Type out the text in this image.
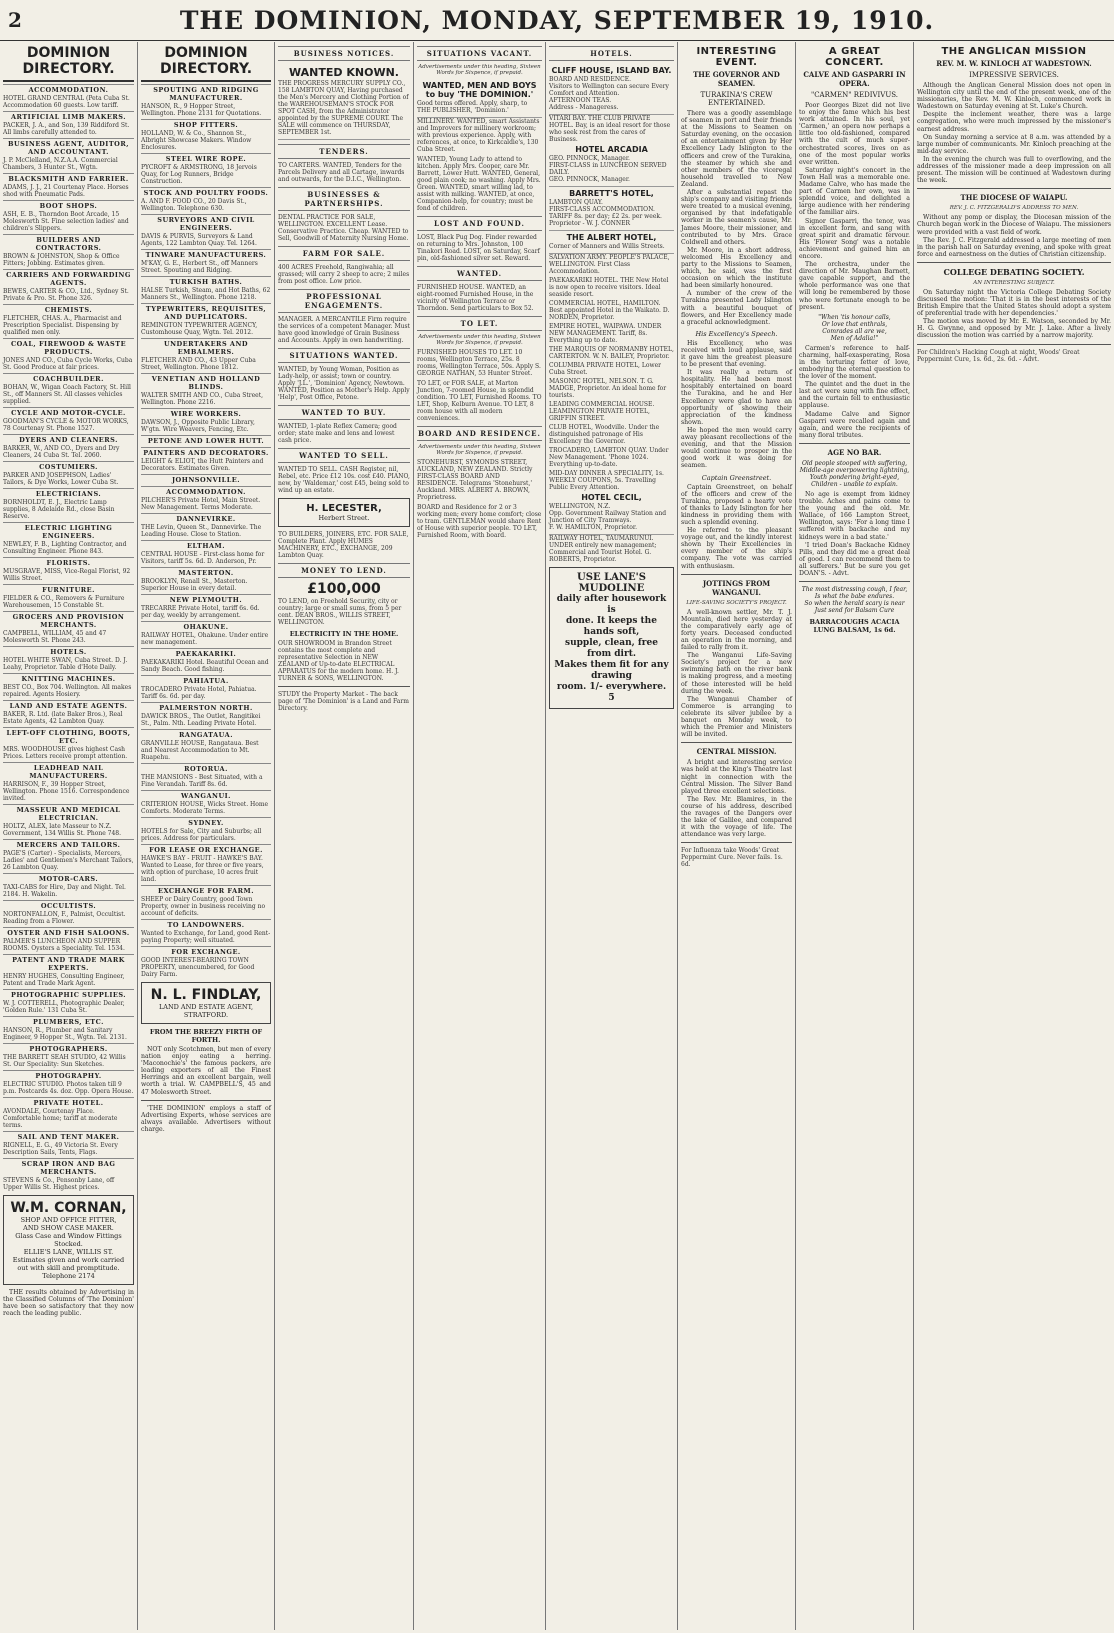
2	THE DOMINION, MONDAY, SEPTEMBER 19, 1910.
DOMINION DIRECTORY.
ACCOMMODATION.
HOTEL GRAND CENTRAL (Peta Cuba St. Accommodation 60 guests. Low tariff.
ARTIFICIAL LIMB MAKERS.
PACKER, J. A., and Son, 139 Riddiford St. All limbs carefully attended to.
BUSINESS AGENT, AUDITOR, AND ACCOUNTANT.
J. P. McClelland, N.Z.A.A. Commercial Chambers, 3 Hunter St., Wgtn.
BLACKSMITH AND FARRIER.
ADAMS, J. J., 21 Courtenay Place. Horses shod with Pneumatic Pads.
BOOT SHOPS.
ASH, E. B., Thorndon Boot Arcade, 15 Molesworth St. Fine selection ladies' and children's Slippers.
BUILDERS AND CONTRACTORS.
BROWN & JOHNSTON, Shop & Office Fitters; Jobbing. Estimates given.
CARRIERS AND FORWARDING AGENTS.
BEWES, CARTER & CO., Ltd., Sydney St. Private & Pro. St. Phone 326.
CHEMISTS.
FLETCHER, CHAS. A., Pharmacist and Prescription Specialist. Dispensing by qualified men only.
COAL, FIREWOOD & WASTE PRODUCTS.
JONES AND CO., Cuba Cycle Works, Cuba St. Good Produce at fair prices.
COACHBUILDER.
BOHAN, W., Wigan Coach Factory, St. Hill St., off Manners St. All classes vehicles supplied.
CYCLE AND MOTOR-CYCLE.
GOODMAN'S CYCLE & MOTOR WORKS, 78 Courtenay St. Phone 1527.
DYERS AND CLEANERS.
BARKER, W., AND CO., Dyers and Dry Cleaners, 24 Cuba St. Tel. 2060.
COSTUMIERS.
PARKER AND JOSEPHSON, Ladies' Tailors, & Dye Works, Lower Cuba St.
ELECTRICIANS.
BORNHOLDT, E. J., Electric Lamp supplies, 8 Adelaide Rd., close Basin Reserve.
ELECTRIC LIGHTING ENGINEERS.
NEWLEY, F. B., Lighting Contractor, and Consulting Engineer. Phone 843.
FLORISTS.
MUSGRAVE, MISS, Vice-Regal Florist, 92 Willis Street.
FURNITURE.
FIELDER & CO., Removers & Furniture Warehousemen, 15 Constable St.
GROCERS AND PROVISION MERCHANTS.
CAMPBELL, WILLIAM, 45 and 47 Molesworth St. Phone 243.
HOTELS.
HOTEL WHITE SWAN, Cuba Street. D. J. Leahy, Proprietor. Table d'Hote Daily.
KNITTING MACHINES.
BEST CO., Box 704. Wellington. All makes repaired. Agents Hosiery.
LAND AND ESTATE AGENTS.
BAKER, R. Ltd. (late Baker Bros.), Real Estate Agents, 42 Lambton Quay.
LEFT-OFF CLOTHING, BOOTS, ETC.
MRS. WOODHOUSE gives highest Cash Prices. Letters receive prompt attention.
LEADHEAD NAIL MANUFACTURERS.
HARRISON, F., 39 Hopper Street, Wellington. Phone 1516. Correspondence invited.
MASSEUR AND MEDICAL ELECTRICIAN.
HOLTZ, ALEX, late Masseur to N.Z. Government, 134 Willis St. Phone 748.
MERCERS AND TAILORS.
PAGE'S (Carter) - Specialists, Mercers, Ladies' and Gentlemen's Merchant Tailors, 26 Lambton Quay.
MOTOR-CARS.
TAXI-CABS for Hire, Day and Night. Tel. 2184. H. Wakelin.
OCCULTISTS.
NORTONFALLON, F., Palmist, Occultist. Reading from a Flower.
OYSTER AND FISH SALOONS.
PALMER'S LUNCHEON AND SUPPER ROOMS. Oysters a Speciality. Tel. 1534.
PATENT AND TRADE MARK EXPERTS.
HENRY HUGHES, Consulting Engineer, Patent and Trade Mark Agent.
PHOTOGRAPHIC SUPPLIES.
W. J. COTTERELL, Photographic Dealer, 'Golden Rule.' 131 Cuba St.
PLUMBERS, ETC.
HANSON, R., Plumber and Sanitary Engineer, 9 Hopper St., Wgtn. Tel. 2131.
PHOTOGRAPHERS.
THE BARRETT SEAH STUDIO, 42 Willis St. Our Speciality: Sun Sketches.
PHOTOGRAPHY.
ELECTRIC STUDIO. Photos taken till 9 p.m. Postcards 4s. doz. Opp. Opera House.
PRIVATE HOTEL.
AVONDALE, Courtenay Place. Comfortable home; tariff at moderate terms.
SAIL AND TENT MAKER.
RIGNELL, E. G., 49 Victoria St. Every Description Sails, Tents, Flags.
SCRAP IRON AND BAG MERCHANTS.
STEVENS & Co., Pensonby Lane, off Upper Willis St. Highest prices.
W.M. CORNAN,
SHOP AND OFFICE FITTER,
AND SHOW CASE MAKER.
Glass Case and Window Fittings Stocked.
ELLIE'S LANE, WILLIS ST.
Estimates given and work carried out with skill and promptitude.
Telephone 2174
THE results obtained by Advertising in the Classified Columns of 'The Dominion' have been so satisfactory that they now reach the leading public.
DOMINION DIRECTORY.
SPOUTING AND RIDGING MANUFACTURER.
HANSON, R., 9 Hopper Street, Wellington. Phone 2131 for Quotations.
SHOP FITTERS.
HOLLAND, W. & Co., Shannon St., Albright Showcase Makers. Window Enclosures.
STEEL WIRE ROPE.
PYCROFT & ARMSTRONG, 18 Jervois Quay, for Log Runners, Bridge Construction.
STOCK AND POULTRY FOODS.
A. AND F. FOOD CO., 20 Davis St., Wellington. Telephone 630.
SURVEYORS AND CIVIL ENGINEERS.
DAVIS & PURVIS, Surveyors & Land Agents, 122 Lambton Quay. Tel. 1264.
TINWARE MANUFACTURERS.
M'KAY, G. E., Herbert St., off Manners Street. Spouting and Ridging.
TURKISH BATHS.
HALSE Turkish, Steam, and Hot Baths, 62 Manners St., Wellington. Phone 1218.
TYPEWRITERS, REQUISITES, AND DUPLICATORS.
REMINGTON TYPEWRITER AGENCY, Customhouse Quay, Wgtn. Tel. 2012.
UNDERTAKERS AND EMBALMERS.
FLETCHER AND CO., 43 Upper Cuba Street, Wellington. Phone 1812.
VENETIAN AND HOLLAND BLINDS.
WALTER SMITH AND CO., Cuba Street, Wellington. Phone 2216.
WIRE WORKERS.
DAWSON, J., Opposite Public Library, W'gtn. Wire Weavers, Fencing, Etc.
PETONE AND LOWER HUTT.
PAINTERS AND DECORATORS.
LEIGHT & ELIOT, the Hutt Painters and Decorators. Estimates Given.
JOHNSONVILLE.
ACCOMMODATION.
PILCHER'S Private Hotel, Main Street. New Management. Terms Moderate.
DANNEVIRKE.
THE Levin, Queen St., Dannevirke. The Leading House. Close to Station.
ELTHAM.
CENTRAL HOUSE - First-class home for Visitors, tariff 5s. 6d. D. Anderson, Pr.
MASTERTON.
BROOKLYN, Renall St., Masterton. Superior House in every detail.
NEW PLYMOUTH.
TRECARRE Private Hotel, tariff 6s. 6d. per day, weekly by arrangement.
OHAKUNE.
RAILWAY HOTEL, Ohakune. Under entire new management.
PAEKAKARIKI.
PAEKAKARIKI Hotel. Beautiful Ocean and Sandy Beach. Good fishing.
PAHIATUA.
TROCADERO Private Hotel, Pahiatua. Tariff 6s. 6d. per day.
PALMERSTON NORTH.
DAWICK BROS., The Outlet, Rangitikei St., Palm. Nth. Leading Private Hotel.
RANGATAUA.
GRANVILLE HOUSE, Rangataua. Best and Nearest Accommodation to Mt. Ruapehu.
ROTORUA.
THE MANSIONS - Best Situated, with a Fine Verandah. Tariff 8s. 6d.
WANGANUI.
CRITERION HOUSE, Wicks Street. Home Comforts. Moderate Terms.
SYDNEY.
HOTELS for Sale, City and Suburbs; all prices. Address for particulars.
FOR LEASE OR EXCHANGE.
HAWKE'S BAY - FRUIT - HAWKE'S BAY. Wanted to Lease, for three or five years, with option of purchase, 10 acres fruit land.
EXCHANGE FOR FARM.
SHEEP or Dairy Country, good Town Property, owner in business receiving no account of deficits.
TO LANDOWNERS.
Wanted to Exchange, for Land, good Rent-paying Property; well situated.
FOR EXCHANGE.
GOOD INTEREST-BEARING TOWN PROPERTY, unencumbered, for Good Dairy Farm.
N. L. FINDLAY,
LAND AND ESTATE AGENT,
STRATFORD.
FROM THE BREEZY FIRTH OF FORTH.
NOT only Scotchmen, but men of every nation enjoy eating a herring. 'Maconochie's' the famous packers, are leading exporters of all the Finest Herrings and an excellent bargain, well worth a trial. W. CAMPBELL'S, 45 and 47 Molesworth Street.
'THE DOMINION' employs a staff of Advertising Experts, whose services are always available. Advertisers without charge.
BUSINESS NOTICES.
WANTED KNOWN.
THE PROGRESS MERCURY SUPPLY CO., 158 LAMBTON QUAY, Having purchased the Men's Mercery and Clothing Portion of the WAREHOUSEMAN'S STOCK FOR SPOT CASH, from the Administrator appointed by the SUPREME COURT. The SALE will commence on THURSDAY, SEPTEMBER 1st.
TENDERS.
TO CARTERS. WANTED, Tenders for the Parcels Delivery and all Cartage, inwards and outwards, for the D.I.C., Wellington.
BUSINESSES & PARTNERSHIPS.
DENTAL PRACTICE FOR SALE, WELLINGTON. EXCELLENT Lease. Conservative Practice. Cheap. WANTED to Sell, Goodwill of Maternity Nursing Home.
FARM FOR SALE.
400 ACRES Freehold, Rangiwahia; all grassed; will carry 2 sheep to acre; 2 miles from post office. Low price.
PROFESSIONAL ENGAGEMENTS.
MANAGER. A MERCANTILE Firm require the services of a competent Manager. Must have good knowledge of Grain Business and Accounts. Apply in own handwriting.
SITUATIONS WANTED.
WANTED, by Young Woman, Position as Lady-help, or assist; town or country. Apply 'J.L.', 'Dominion' Agency, Newtown. WANTED, Position as Mother's Help. Apply 'Help', Post Office, Petone.
WANTED TO BUY.
WANTED, 1-plate Reflex Camera; good order; state make and lens and lowest cash price.
WANTED TO SELL.
WANTED TO SELL. CASH Register, nil, Rebel, etc. Price £12 10s. cost £40. PIANO, new, by 'Waldemar,' cost £45, being sold to wind up an estate.
H. LECESTER,
Herbert Street.
TO BUILDERS, JOINERS, ETC. FOR SALE, Complete Plant. Apply HUMES MACHINERY, ETC., EXCHANGE, 209 Lambton Quay.
MONEY TO LEND.
£100,000
TO LEND, on Freehold Security, city or country; large or small sums, from 5 per cent. DEAN BROS., WILLIS STREET, WELLINGTON.
ELECTRICITY IN THE HOME.
OUR SHOWROOM in Brandon Street contains the most complete and representative Selection in NEW ZEALAND of Up-to-date ELECTRICAL APPARATUS for the modern home. H. J. TURNER & SONS, WELLINGTON.
STUDY the Property Market - The back page of 'The Dominion' is a Land and Farm Directory.
SITUATIONS VACANT.
Advertisements under this heading, Sixteen Words for Sixpence, if prepaid.
WANTED, MEN AND BOYS to buy 'THE DOMINION.'
Good terms offered. Apply, sharp, to THE PUBLISHER, 'Dominion.'
MILLINERY. WANTED, smart Assistants and Improvers for millinery workroom; with previous experience. Apply, with references, at once, to Kirkcaldie's, 130 Cuba Street.
WANTED, Young Lady to attend to kitchen. Apply Mrs. Cooper, care Mr. Barrett, Lower Hutt. WANTED, General, good plain cook; no washing. Apply Mrs. Green. WANTED, smart willing lad, to assist with milking. WANTED, at once, Companion-help, for country; must be fond of children.
LOST AND FOUND.
LOST, Black Pug Dog. Finder rewarded on returning to Mrs. Johnston, 100 Tinakori Road. LOST, on Saturday, Scarf pin, old-fashioned silver set. Reward.
WANTED.
FURNISHED HOUSE. WANTED, an eight-roomed Furnished House, in the vicinity of Wellington Terrace or Thorndon. Send particulars to Box 52.
TO LET.
Advertisements under this heading, Sixteen Words for Sixpence, if prepaid.
FURNISHED HOUSES TO LET. 10 rooms, Wellington Terrace, 25s. 8 rooms, Wellington Terrace, 50s. Apply S. GEORGE NATHAN, 53 Hunter Street.
TO LET, or FOR SALE, at Marton Junction, 7-roomed House, in splendid condition. TO LET, Furnished Rooms. TO LET, Shop, Kelburn Avenue. TO LET, 8 room house with all modern conveniences.
BOARD AND RESIDENCE.
Advertisements under this heading, Sixteen Words for Sixpence, if prepaid.
STONEHURST, SYMONDS STREET, AUCKLAND, NEW ZEALAND. Strictly FIRST-CLASS BOARD AND RESIDENCE. Telegrams 'Stonehurst,' Auckland. MRS. ALBERT A. BROWN, Proprietress.
BOARD and Residence for 2 or 3 working men; every home comfort; close to tram. GENTLEMAN would share Rent of House with superior people. TO LET, Furnished Room, with board.
HOTELS.
CLIFF HOUSE, ISLAND BAY.
BOARD AND RESIDENCE.
Visitors to Wellington can secure Every Comfort and Attention.
AFTERNOON TEAS.
Address - Manageress.
VITARI BAY. THE CLUB PRIVATE HOTEL. Bay, is an ideal resort for those who seek rest from the cares of Business.
HOTEL ARCADIA
GEO. PINNOCK, Manager.
FIRST-CLASS in LUNCHEON SERVED DAILY.
GEO. PINNOCK, Manager.
BARRETT'S HOTEL,
LAMBTON QUAY.
FIRST-CLASS ACCOMMODATION.
TARIFF 8s. per day; £2 2s. per week.
Proprietor - W. J. CONNER
THE ALBERT HOTEL,
Corner of Manners and Willis Streets.
SALVATION ARMY. PEOPLE'S PALACE, WELLINGTON. First Class Accommodation.
PAEKAKARIKI HOTEL. THE New Hotel is now open to receive visitors. Ideal seaside resort.
COMMERCIAL HOTEL, HAMILTON. Best appointed Hotel in the Waikato. D. NORDEN, Proprietor.
EMPIRE HOTEL, WAIPAWA. UNDER NEW MANAGEMENT. Tariff, 8s. Everything up to date.
THE MARQUIS OF NORMANBY HOTEL, CARTERTON. W. N. BAILEY, Proprietor.
COLUMBIA PRIVATE HOTEL, Lower Cuba Street.
MASONIC HOTEL, NELSON. T. G. MADGE, Proprietor. An ideal home for tourists.
LEADING COMMERCIAL HOUSE. LEAMINGTON PRIVATE HOTEL, GRIFFIN STREET.
CLUB HOTEL, Woodville. Under the distinguished patronage of His Excellency the Governor.
TROCADERO, LAMBTON QUAY. Under New Management. 'Phone 1024. Everything up-to-date.
MID-DAY DINNER A SPECIALITY, 1s. WEEKLY COUPONS, 5s. Travelling Public Every Attention.
HOTEL CECIL,
WELLINGTON, N.Z.
Opp. Government Railway Station and Junction of City Tramways.
F. W. HAMILTON, Proprietor.
RAILWAY HOTEL, TAUMARUNUI. UNDER entirely new management; Commercial and Tourist Hotel. G. ROBERTS, Proprietor.
USE LANE'S MUDOLINE
daily after housework is
done. It keeps the hands soft,
supple, clean, free from dirt.
Makes them fit for any drawing
room. 1/- everywhere. 5
INTERESTING EVENT.
THE GOVERNOR AND SEAMEN.
TURAKINA'S CREW ENTERTAINED.

There was a goodly assemblage of seamen in port and their friends at the Missions to Seamen on Saturday evening, on the occasion of an entertainment given by Her Excellency Lady Islington to the officers and crew of the Turakina, the steamer by which she and other members of the viceregal household travelled to New Zealand.

After a substantial repast the ship's company and visiting friends were treated to a musical evening, organised by that indefatigable worker in the seamen's cause, Mr. James Moore, their missioner, and contributed to by Mrs. Grace Coldwell and others.

Mr. Moore, in a short address, welcomed His Excellency and party to the Missions to Seamen, which, he said, was the first occasion on which the institute had been similarly honoured.

A number of the crew of the Turakina presented Lady Islington with a beautiful bouquet of flowers, and Her Excellency made a graceful acknowledgment.

His Excellency's Speech.

His Excellency, who was received with loud applause, said it gave him the greatest pleasure to be present that evening.

It was really a return of hospitality. He had been most hospitably entertained on board the Turakina, and he and Her Excellency were glad to have an opportunity of showing their appreciation of the kindness shown.

He hoped the men would carry away pleasant recollections of the evening, and that the Mission would continue to prosper in the good work it was doing for seamen.

Captain Greenstreet.

Captain Greenstreet, on behalf of the officers and crew of the Turakina, proposed a hearty vote of thanks to Lady Islington for her kindness in providing them with such a splendid evening.

He referred to the pleasant voyage out, and the kindly interest shown by Their Excellencies in every member of the ship's company. The vote was carried with enthusiasm.

JOTTINGS FROM WANGANUI.
LIFE-SAVING SOCIETY'S PROJECT.

A well-known settler, Mr. T. J. Mountain, died here yesterday at the comparatively early age of forty years. Deceased conducted an operation in the morning, and failed to rally from it.

The Wanganui Life-Saving Society's project for a new swimming bath on the river bank is making progress, and a meeting of those interested will be held during the week.

The Wanganui Chamber of Commerce is arranging to celebrate its silver jubilee by a banquet on Monday week, to which the Premier and Ministers will be invited.

CENTRAL MISSION.

A bright and interesting service was held at the King's Theatre last night in connection with the Central Mission. The Silver Band played three excellent selections.

The Rev. Mr. Blamires, in the course of his address, described the ravages of the Dangers over the lake of Galilee, and compared it with the voyage of life. The attendance was very large.

For Influenza take Woods' Great Peppermint Cure. Never fails. 1s. 6d.
A GREAT CONCERT.
CALVE AND GASPARRI IN OPERA.
"CARMEN" REDIVIVUS.

Poor Georges Bizet did not live to enjoy the fame which his best work attained. In his soul, yet 'Carmen,' an opera now perhaps a little too old-fashioned, compared with the cult of much super-orchestrated scores, lives on as one of the most popular works ever written.

Saturday night's concert in the Town Hall was a memorable one. Madame Calve, who has made the part of Carmen her own, was in splendid voice, and delighted a large audience with her rendering of the familiar airs.

Signor Gasparri, the tenor, was in excellent form, and sang with great spirit and dramatic fervour. His 'Flower Song' was a notable achievement and gained him an encore.

The orchestra, under the direction of Mr. Maughan Barnett, gave capable support, and the whole performance was one that will long be remembered by those who were fortunate enough to be present.

"When 'tis honour calls,
Or love that enthrals,
Comrades all are we,
Men of Adalia!"

Carmen's reference to half-charming, half-exasperating, Rosa in the torturing fetter of love, embodying the eternal question to the lover of the moment.

The quintet and the duet in the last act were sung with fine effect, and the curtain fell to enthusiastic applause.

Madame Calve and Signor Gasparri were recalled again and again, and were the recipients of many floral tributes.

AGE NO BAR.
Old people stooped with suffering,
Middle-age overpowering lightning,
Youth pondering bright-eyed,
Children - unable to explain.

No age is exempt from kidney trouble. Aches and pains come to the young and the old. Mr. Wallace, of 166 Lampton Street, Wellington, says: 'For a long time I suffered with backache and my kidneys were in a bad state.'

'I tried Doan's Backache Kidney Pills, and they did me a great deal of good. I can recommend them to all sufferers.' But be sure you get DOAN'S. - Advt.

The most distressing cough, I fear,
Is what the babe endures.
So when the herald scary is near
Just send for Balsam Cure
BARRACOUGHS ACACIA LUNG BALSAM, 1s 6d.
THE ANGLICAN MISSION
REV. M. W. KINLOCH AT WADESTOWN.
IMPRESSIVE SERVICES.

Although the Anglican General Mission does not open in Wellington city until the end of the present week, one of the missionaries, the Rev. M. W. Kinloch, commenced work in Wadestown on Saturday evening at St. Luke's Church.

Despite the inclement weather, there was a large congregation, who were much impressed by the missioner's earnest address.

On Sunday morning a service at 8 a.m. was attended by a large number of communicants. Mr. Kinloch preaching at the mid-day service.

In the evening the church was full to overflowing, and the addresses of the missioner made a deep impression on all present. The mission will be continued at Wadestown during the week.

THE DIOCESE OF WAIAPU.
REV. J. C. FITZGERALD'S ADDRESS TO MEN.

Without any pomp or display, the Diocesan mission of the Church began work in the Diocese of Waiapu. The missioners were provided with a vast field of work.

The Rev. J. C. Fitzgerald addressed a large meeting of men in the parish hall on Saturday evening, and spoke with great force and earnestness on the duties of Christian citizenship.

COLLEGE DEBATING SOCIETY.
AN INTERESTING SUBJECT.

On Saturday night the Victoria College Debating Society discussed the motion: 'That it is in the best interests of the British Empire that the United States should adopt a system of preferential trade with her dependencies.'

The motion was moved by Mr. E. Watson, seconded by Mr. H. G. Gwynne, and opposed by Mr. J. Lake. After a lively discussion the motion was carried by a narrow majority.

For Children's Hacking Cough at night, Woods' Great Peppermint Cure, 1s. 6d., 2s. 6d. - Advt.
